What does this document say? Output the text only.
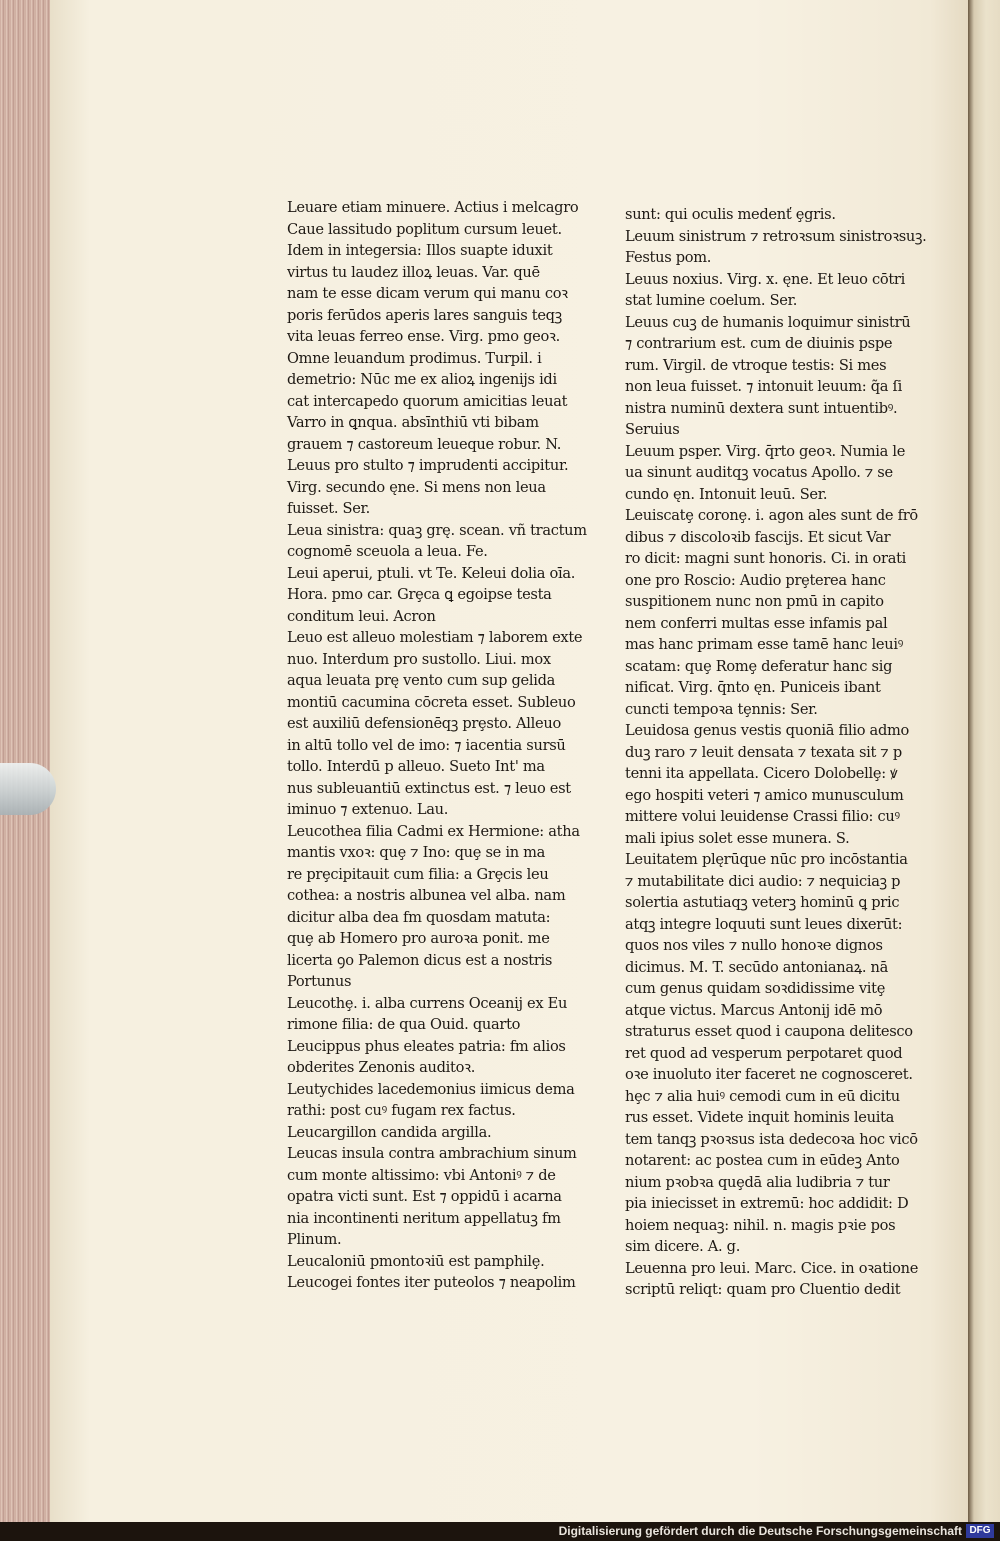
Leuare etiam minuere. Actius i melcagro
Caue lassitudo poplitum cursum leuet.
Idem in integersia: Illos suapte iduxit
virtus tu laudez illoꝝ leuas. Var. quē
nam te esse dicam verum qui manu coꝛ
poris ferūdos aperis lares sanguis teqꝫ
vita leuas ferreo ense. Virg. pmo geoꝛ.
Omne leuandum prodimus. Turpil. i
demetrio: Nūc me ex alioꝝ ingenijs idi
cat intercapedo quorum amicitias leuat
Varro in ꝗnqua. absīnthiū vti bibam
grauem ⁊ castoreum leueque robur. N.
Leuus pro stulto ⁊ imprudenti accipitur.
Virg. secundo ęne. Si mens non leua
fuisset. Ser.
Leua sinistra: quaꝫ grę. scean. vñ tractum
cognomē sceuola a leua. Fe.
Leui aperui, ptuli. vt Te. Keleui dolia oīa.
Hora. pmo car. Grȩca ꝗ egoipse testa
conditum leui. Acron
Leuo est alleuo molestiam ⁊ laborem exte
nuo. Interdum pro sustollo. Liui. mox
aqua leuata prę vento cum sup gelida
montiū cacumina cōcreta esset. Subleuo
est auxiliū defensionēqꝫ prȩsto. Alleuo
in altū tollo vel de imo: ⁊ iacentia sursū
tollo. Interdū p alleuo. Sueto Int' ma
nus subleuantiū extinctus est. ⁊ leuo est
iminuo ⁊ extenuo. Lau.
Leucothea filia Cadmi ex Hermione: atha
mantis vxoꝛ: quȩ ⁊ Ino: quȩ se in ma
re prȩcipitauit cum filia: a Grȩcis leu
cothea: a nostris albunea vel alba. nam
dicitur alba dea fm quosdam matuta:
quȩ ab Homero pro auroꝛa ponit. me
licerta ꝯo Palemon dicus est a nostris
Portunus
Leucothȩ. i. alba currens Oceanij ex Eu
rimone filia: de qua Ouid. quarto
Leucippus phus eleates patria: fm alios
obderites Zenonis auditoꝛ.
Leutychides lacedemonius iimicus dema
rathi: post cuꝰ fugam rex factus.
Leucargillon candida argilla.
Leucas insula contra ambrachium sinum
cum monte altissimo: vbi Antoniꝰ ⁊ de
opatra victi sunt. Est ⁊ oppidū i acarna
nia incontinenti neritum appellatuꝫ fm
Plinum.
Leucaloniū pmontoꝛiū est pamphilȩ.
Leucogei fontes iter puteolos ⁊ neapolim
sunt: qui oculis medenť ȩgris.
Leuum sinistrum ⁊ retroꝛsum sinistroꝛsuꝫ.
Festus pom.
Leuus noxius. Virg. x. ęne. Et leuo cōtri
stat lumine coelum. Ser.
Leuus cuꝫ de humanis loquimur sinistrū
⁊ contrarium est. cum de diuinis pspe
rum. Virgil. de vtroque testis: Si mes
non leua fuisset. ⁊ intonuit leuum: q̃a ſi
nistra numinū dextera sunt intuentibꝰ.
Seruius
Leuum psper. Virg. q̄rto geoꝛ. Numia le
ua sinunt auditqꝫ vocatus Apollo. ⁊ se
cundo ęn. Intonuit leuū. Ser.
Leuiscatȩ coronȩ. i. agon ales sunt de frō
dibus ⁊ discoloꝛib fascijs. Et sicut Var
ro dicit: magni sunt honoris. Ci. in orati
one pro Roscio: Audio prȩterea hanc
suspitionem nunc non pmū in capito
nem conferri multas esse infamis pal
mas hanc primam esse tamē hanc leuiꝰ
scatam: quȩ Romȩ deferatur hanc sig
nificat. Virg. q̄nto ęn. Puniceis ibant
cuncti tempoꝛa tȩnnis: Ser.
Leuidosa genus vestis quoniā filio admo
duꝫ raro ⁊ leuit densata ⁊ texata sit ⁊ p
tenni ita appellata. Cicero Dolobellȩ: ꝟ
ego hospiti veteri ⁊ amico munusculum
mittere volui leuidense Crassi filio: cuꝰ
mali ipius solet esse munera. S.
Leuitatem plęrūque nūc pro incōstantia
⁊ mutabilitate dici audio: ⁊ nequiciaꝫ p
solertia astutiaqꝫ veterꝫ hominū ꝗ pric
atqꝫ integre loquuti sunt leues dixerūt:
quos nos viles ⁊ nullo honoꝛe dignos
dicimus. M. T. secūdo antonianaꝝ. nā
cum genus quidam soꝛdidissime vitȩ
atque victus. Marcus Antonij idē mō
straturus esset quod i caupona delitesco
ret quod ad vesperum perpotaret quod
oꝛe inuoluto iter faceret ne cognosceret.
hȩc ⁊ alia huiꝰ cemodi cum in eū dicitu
rus esset. Videte inquit hominis leuita
tem tanqꝫ pꝛoꝛsus ista dedecoꝛa hoc vicō
notarent: ac postea cum in eūdeꝫ Anto
nium pꝛobꝛa quȩdā alia ludibria ⁊ tur
pia iniecisset in extremū: hoc addidit: D
hoiem nequaꝫ: nihil. n. magis pꝛie pos
sim dicere. A. g.
Leuenna pro leui. Marc. Cice. in oꝛatione
scriptū reliqt: quam pro Cluentio dedit
Digitalisierung gefördert durch die Deutsche Forschungsgemeinschaft DFG
